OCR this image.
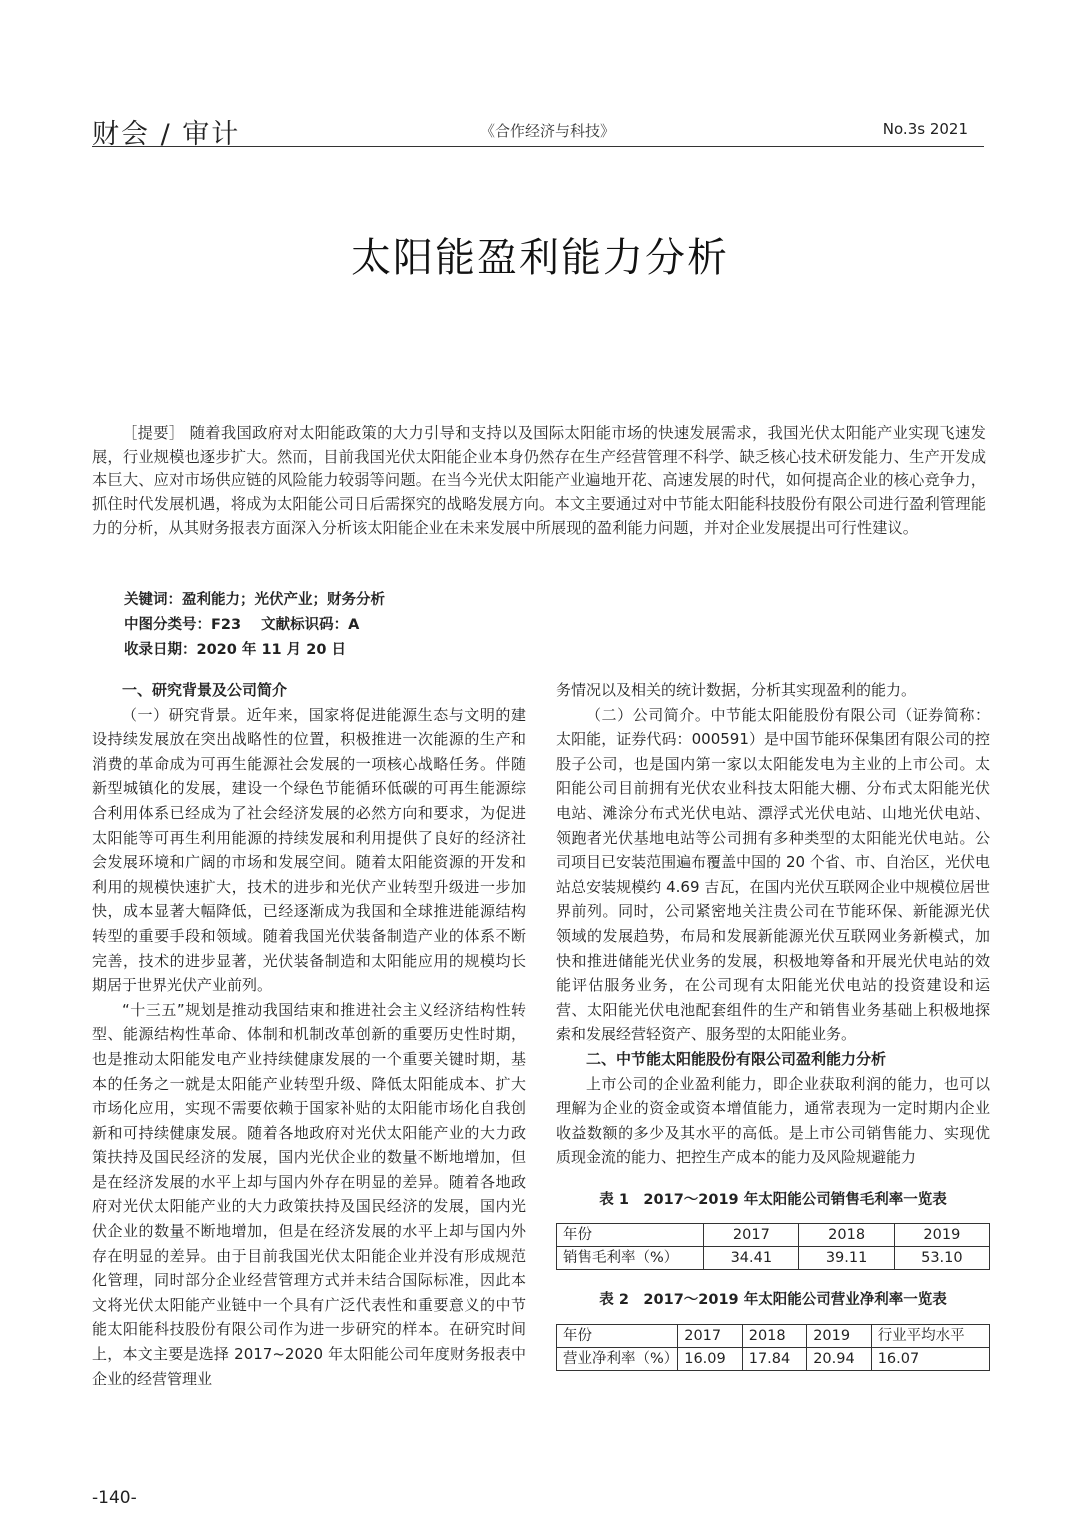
财会 / 审计	《合作经济与科技》	No.3s 2021
太阳能盈利能力分析
［提要］ 随着我国政府对太阳能政策的大力引导和支持以及国际太阳能市场的快速发展需求，我国光伏太阳能产业实现飞速发展，行业规模也逐步扩大。然而，目前我国光伏太阳能企业本身仍然存在生产经营管理不科学、缺乏核心技术研发能力、生产开发成本巨大、应对市场供应链的风险能力较弱等问题。在当今光伏太阳能产业遍地开花、高速发展的时代，如何提高企业的核心竞争力，抓住时代发展机遇，将成为太阳能公司日后需探究的战略发展方向。本文主要通过对中节能太阳能科技股份有限公司进行盈利管理能力的分析，从其财务报表方面深入分析该太阳能企业在未来发展中所展现的盈利能力问题，并对企业发展提出可行性建议。
关键词：盈利能力；光伏产业；财务分析
中图分类号：F23 文献标识码：A
收录日期：2020 年 11 月 20 日
一、研究背景及公司简介

（一）研究背景。近年来，国家将促进能源生态与文明的建设持续发展放在突出战略性的位置，积极推进一次能源的生产和消费的革命成为可再生能源社会发展的一项核心战略任务。伴随新型城镇化的发展，建设一个绿色节能循环低碳的可再生能源综合利用体系已经成为了社会经济发展的必然方向和要求，为促进太阳能等可再生利用能源的持续发展和利用提供了良好的经济社会发展环境和广阔的市场和发展空间。随着太阳能资源的开发和利用的规模快速扩大，技术的进步和光伏产业转型升级进一步加快，成本显著大幅降低，已经逐渐成为我国和全球推进能源结构转型的重要手段和领域。随着我国光伏装备制造产业的体系不断完善，技术的进步显著，光伏装备制造和太阳能应用的规模均长期居于世界光伏产业前列。

“十三五”规划是推动我国结束和推进社会主义经济结构性转型、能源结构性革命、体制和机制改革创新的重要历史性时期，也是推动太阳能发电产业持续健康发展的一个重要关键时期，基本的任务之一就是太阳能产业转型升级、降低太阳能成本、扩大市场化应用，实现不需要依赖于国家补贴的太阳能市场化自我创新和可持续健康发展。随着各地政府对光伏太阳能产业的大力政策扶持及国民经济的发展，国内光伏企业的数量不断地增加，但是在经济发展的水平上却与国内外存在明显的差异。随着各地政府对光伏太阳能产业的大力政策扶持及国民经济的发展，国内光伏企业的数量不断地增加，但是在经济发展的水平上却与国内外存在明显的差异。由于目前我国光伏太阳能企业并没有形成规范化管理，同时部分企业经营管理方式并未结合国际标准，因此本文将光伏太阳能产业链中一个具有广泛代表性和重要意义的中节能太阳能科技股份有限公司作为进一步研究的样本。在研究时间上，本文主要是选择 2017~2020 年太阳能公司年度财务报表中企业的经营管理业

务情况以及相关的统计数据，分析其实现盈利的能力。

（二）公司简介。中节能太阳能股份有限公司（证券简称：太阳能，证券代码：000591）是中国节能环保集团有限公司的控股子公司，也是国内第一家以太阳能发电为主业的上市公司。太阳能公司目前拥有光伏农业科技太阳能大棚、分布式太阳能光伏电站、滩涂分布式光伏电站、漂浮式光伏电站、山地光伏电站、领跑者光伏基地电站等公司拥有多种类型的太阳能光伏电站。公司项目已安装范围遍布覆盖中国的 20 个省、市、自治区，光伏电站总安装规模约 4.69 吉瓦，在国内光伏互联网企业中规模位居世界前列。同时，公司紧密地关注贵公司在节能环保、新能源光伏领域的发展趋势，布局和发展新能源光伏互联网业务新模式，加快和推进储能光伏业务的发展，积极地筹备和开展光伏电站的效能评估服务业务，在公司现有太阳能光伏电站的投资建设和运营、太阳能光伏电池配套组件的生产和销售业务基础上积极地探索和发展经营轻资产、服务型的太阳能业务。

二、中节能太阳能股份有限公司盈利能力分析

上市公司的企业盈利能力，即企业获取利润的能力，也可以理解为企业的资金或资本增值能力，通常表现为一定时期内企业收益数额的多少及其水平的高低。是上市公司销售能力、实现优质现金流的能力、把控生产成本的能力及风险规避能力

表 1　2017～2019 年太阳能公司销售毛利率一览表
年份	2017	2018	2019
销售毛利率（%）	34.41	39.11	53.10
表 2　2017～2019 年太阳能公司营业净利率一览表
年份	2017	2018	2019	行业平均水平
营业净利率（%）	16.09	17.84	20.94	16.07
-140-
